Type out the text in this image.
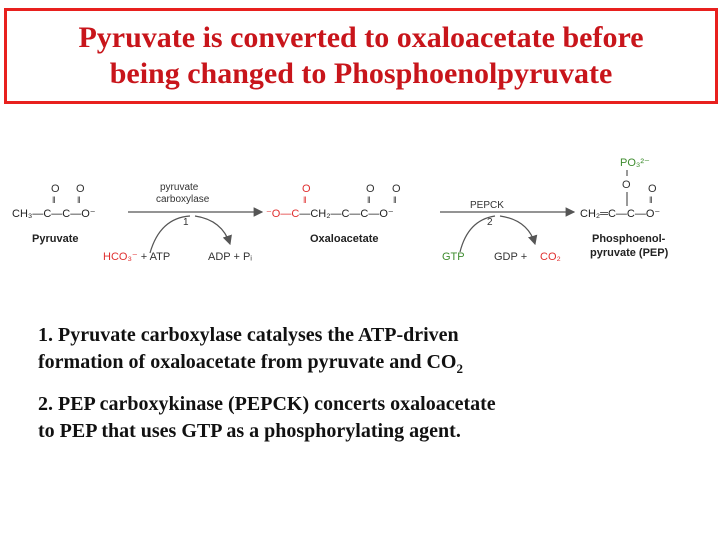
Pyruvate is converted to oxaloacetate before
being changed to Phosphoenolpyruvate
O O
‖ ‖
CH₃—C—C—O⁻
Pyruvate
pyruvate
carboxylase
1
HCO₃⁻ + ATP	ADP + Pᵢ
O	O O
‖	‖ ‖
⁻O—C—CH₂—C—C—O⁻
Oxaloacetate
PEPCK
2
GTP	GDP + CO₂
PO₃²⁻
O O
‖
CH₂═C—C—O⁻
Phosphoenol-
pyruvate (PEP)
1. Pyruvate carboxylase catalyses the ATP-driven
formation of oxaloacetate from pyruvate and $CO_2$
2. PEP carboxykinase (PEPCK) concerts oxaloacetate
to PEP that uses GTP as a phosphorylating agent.
